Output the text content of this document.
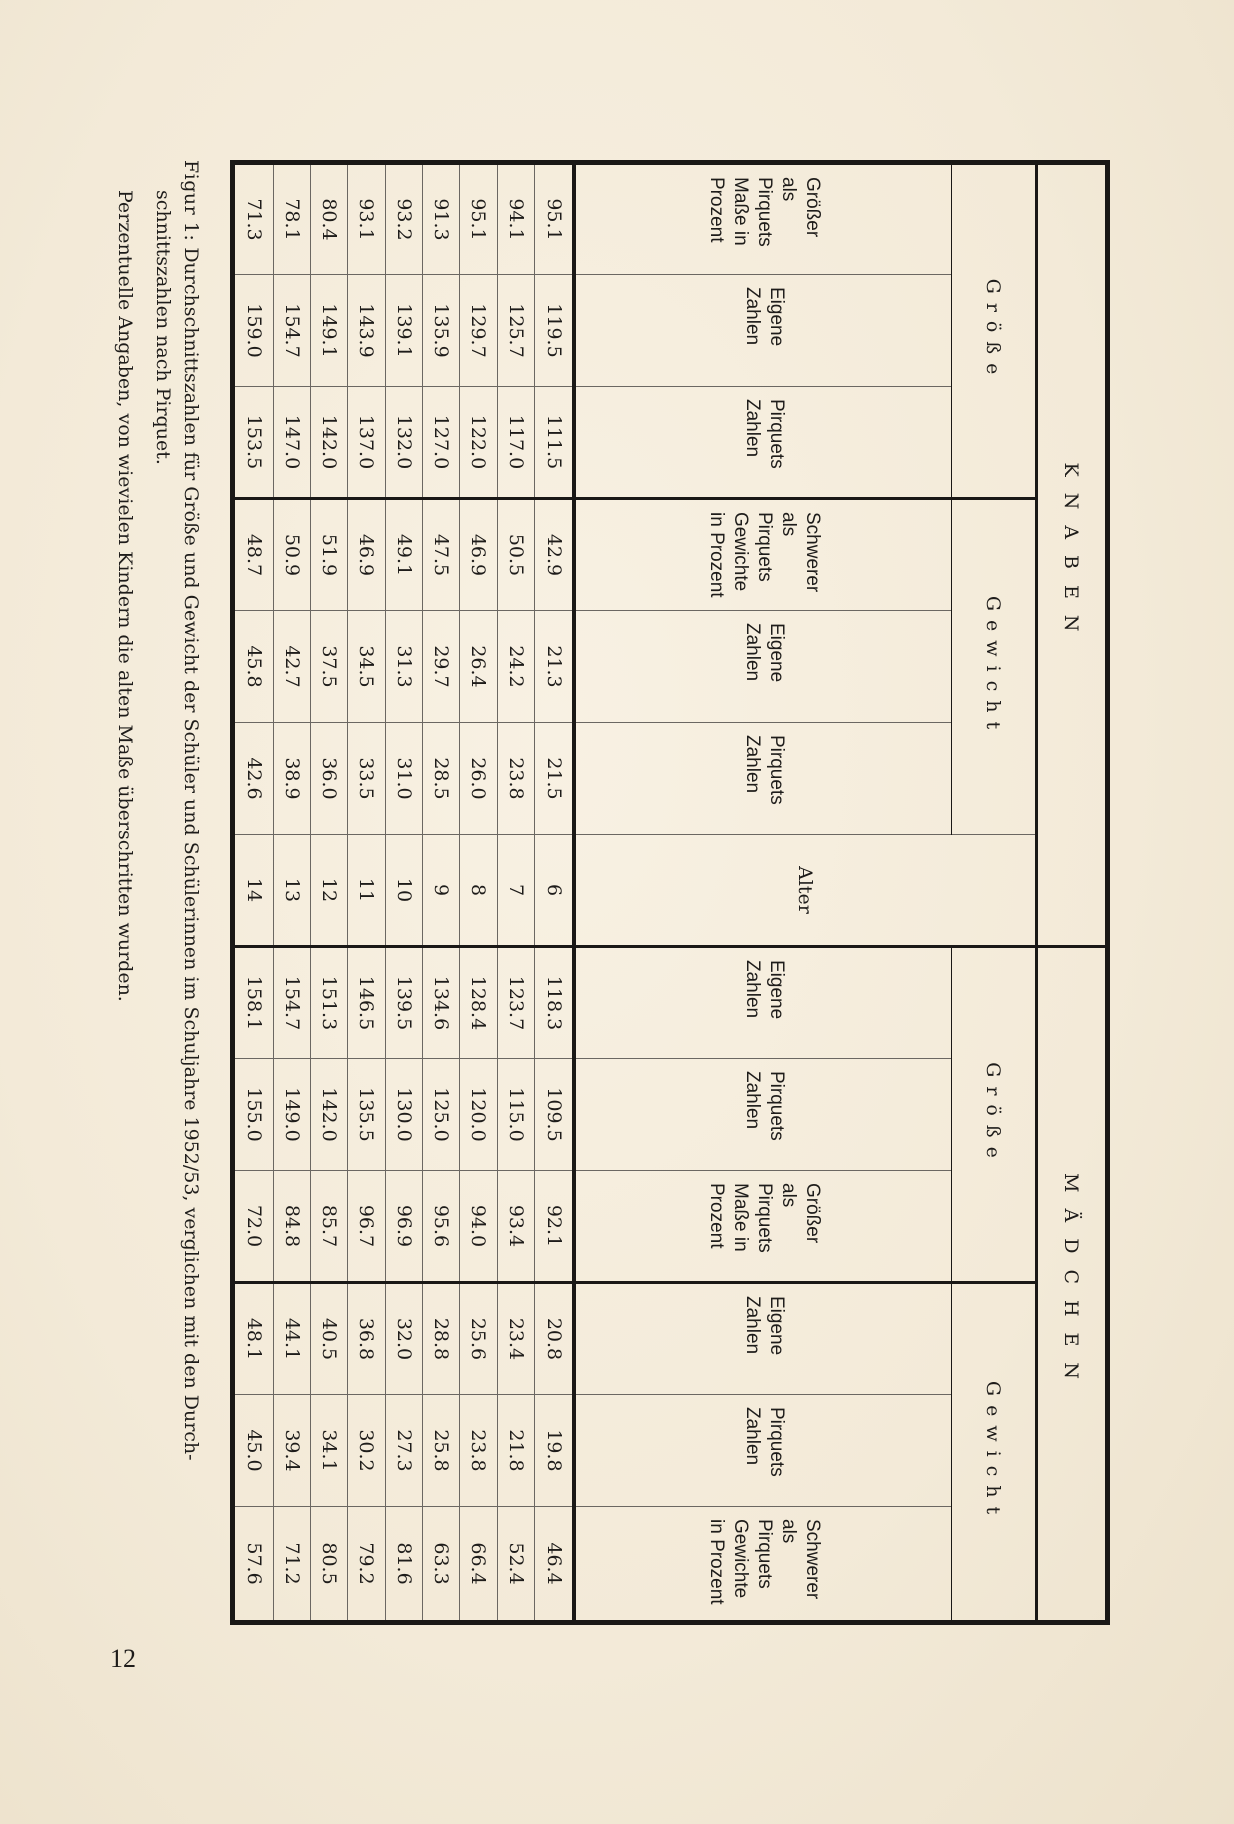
KNABEN							MÄDCHEN					
Größe			Gewicht			Alter	Größe			Gewicht		
Größer als Pirquets Maße in Prozent	Eigene Zahlen	Pirquets Zahlen	Schwerer als Pirquets Gewichte in Prozent	Eigene Zahlen	Pirquets Zahlen		Eigene Zahlen	Pirquets Zahlen	Größer als Pirquets Maße in Prozent	Eigene Zahlen	Pirquets Zahlen	Schwerer als Pirquets Gewichte in Prozent
95.1	119.5	111.5	42.9	21.3	21.5	6	118.3	109.5	92.1	20.8	19.8	46.4
94.1	125.7	117.0	50.5	24.2	23.8	7	123.7	115.0	93.4	23.4	21.8	52.4
95.1	129.7	122.0	46.9	26.4	26.0	8	128.4	120.0	94.0	25.6	23.8	66.4
91.3	135.9	127.0	47.5	29.7	28.5	9	134.6	125.0	95.6	28.8	25.8	63.3
93.2	139.1	132.0	49.1	31.3	31.0	10	139.5	130.0	96.9	32.0	27.3	81.6
93.1	143.9	137.0	46.9	34.5	33.5	11	146.5	135.5	96.7	36.8	30.2	79.2
80.4	149.1	142.0	51.9	37.5	36.0	12	151.3	142.0	85.7	40.5	34.1	80.5
78.1	154.7	147.0	50.9	42.7	38.9	13	154.7	149.0	84.8	44.1	39.4	71.2
71.3	159.0	153.5	48.7	45.8	42.6	14	158.1	155.0	72.0	48.1	45.0	57.6
Figur 1: Durchschnittszahlen für Größe und Gewicht der Schüler und Schülerinnen im Schuljahre 1952/53, verglichen mit den Durch-
schnittszahlen nach Pirquet.
Perzentuelle Angaben, von wievielen Kindern die alten Maße überschritten wurden.
12
